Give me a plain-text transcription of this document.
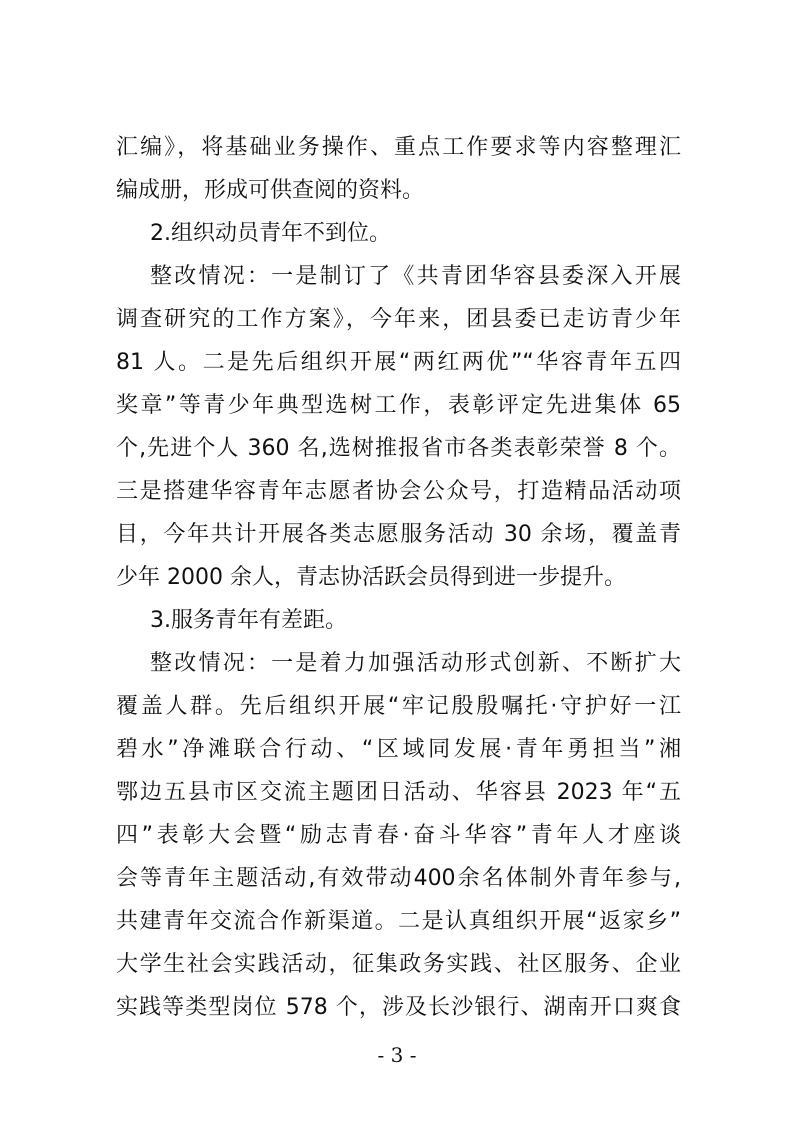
汇编》，将基础业务操作、重点工作要求等内容整理汇
编成册，形成可供查阅的资料。
2.组织动员青年不到位。
整改情况：一是制订了《共青团华容县委深入开展
调查研究的工作方案》，今年来，团县委已走访青少年
81 人。二是先后组织开展“两红两优”“华容青年五四
奖章”等青少年典型选树工作，表彰评定先进集体 65
个,先进个人 360 名,选树推报省市各类表彰荣誉 8 个。
三是搭建华容青年志愿者协会公众号，打造精品活动项
目，今年共计开展各类志愿服务活动 30 余场，覆盖青
少年 2000 余人，青志协活跃会员得到进一步提升。
3.服务青年有差距。
整改情况：一是着力加强活动形式创新、不断扩大
覆盖人群。先后组织开展“牢记殷殷嘱托·守护好一江
碧水”净滩联合行动、“区域同发展·青年勇担当”湘
鄂边五县市区交流主题团日活动、华容县 2023 年“五
四”表彰大会暨“励志青春·奋斗华容”青年人才座谈
会等青年主题活动,有效带动400余名体制外青年参与,
共建青年交流合作新渠道。二是认真组织开展“返家乡”
大学生社会实践活动，征集政务实践、社区服务、企业
实践等类型岗位 578 个，涉及长沙银行、湖南开口爽食
- 3 -
